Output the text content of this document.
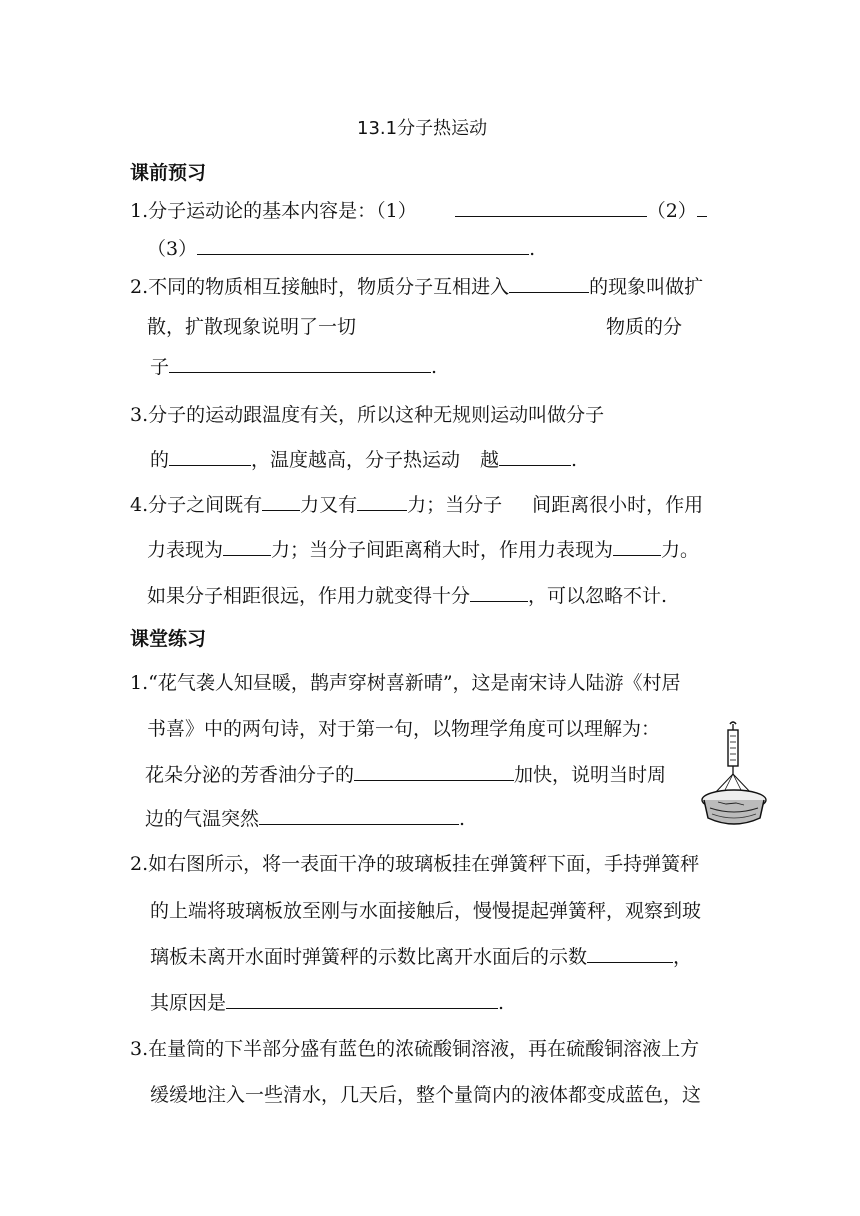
13.1分子热运动
课前预习
1.分子运动论的基本内容是：（1）	（2）
（3）	.
2.不同的物质相互接触时，物质分子互相进入	的现象叫做扩
散，扩散现象说明了一切	物质的分
子	.
3.分子的运动跟温度有关，所以这种无规则运动叫做分子
的	，温度越高，分子热运动 越	.
4.分子之间既有 力又有	力；当分子 间距离很小时，作用
力表现为	力；当分子间距离稍大时，作用力表现为	力。
如果分子相距很远，作用力就变得十分	，可以忽略不计.
课堂练习
1.“花气袭人知昼暖，鹊声穿树喜新晴”，这是南宋诗人陆游《村居
书喜》中的两句诗，对于第一句，以物理学角度可以理解为：
花朵分泌的芳香油分子的	加快，说明当时周
边的气温突然	.
2.如右图所示，将一表面干净的玻璃板挂在弹簧秤下面，手持弹簧秤
的上端将玻璃板放至刚与水面接触后，慢慢提起弹簧秤，观察到玻
璃板未离开水面时弹簧秤的示数比离开水面后的示数	，
其原因是	.
3.在量筒的下半部分盛有蓝色的浓硫酸铜溶液，再在硫酸铜溶液上方
缓缓地注入一些清水，几天后，整个量筒内的液体都变成蓝色，这
